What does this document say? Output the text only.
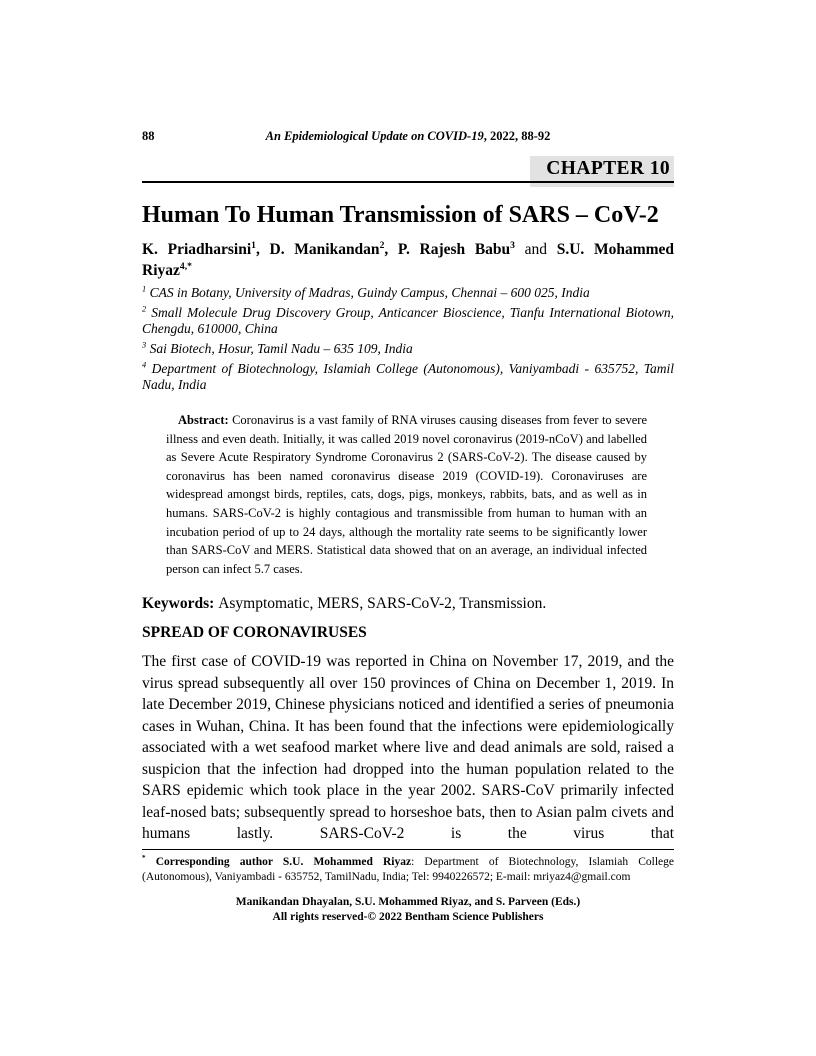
88	An Epidemiological Update on COVID-19, 2022, 88-92
CHAPTER 10
Human To Human Transmission of SARS – CoV-2
K. Priadharsini$^1$, D. Manikandan$^2$, P. Rajesh Babu$^3$ and S.U. Mohammed Riyaz$^{4,*}$
$^1$ CAS in Botany, University of Madras, Guindy Campus, Chennai – 600 025, India
$^2$ Small Molecule Drug Discovery Group, Anticancer Bioscience, Tianfu International Biotown, Chengdu, 610000, China
$^3$ Sai Biotech, Hosur, Tamil Nadu – 635 109, India
$^4$ Department of Biotechnology, Islamiah College (Autonomous), Vaniyambadi - 635752, Tamil Nadu, India
Abstract: Coronavirus is a vast family of RNA viruses causing diseases from fever to severe illness and even death. Initially, it was called 2019 novel coronavirus (2019-nCoV) and labelled as Severe Acute Respiratory Syndrome Coronavirus 2 (SARS-CoV-2). The disease caused by coronavirus has been named coronavirus disease 2019 (COVID-19). Coronaviruses are widespread amongst birds, reptiles, cats, dogs, pigs, monkeys, rabbits, bats, and as well as in humans. SARS-CoV-2 is highly contagious and transmissible from human to human with an incubation period of up to 24 days, although the mortality rate seems to be significantly lower than SARS-CoV and MERS. Statistical data showed that on an average, an individual infected person can infect 5.7 cases.
Keywords: Asymptomatic, MERS, SARS-CoV-2, Transmission.
SPREAD OF CORONAVIRUSES
The first case of COVID-19 was reported in China on November 17, 2019, and the virus spread subsequently all over 150 provinces of China on December 1, 2019. In late December 2019, Chinese physicians noticed and identified a series of pneumonia cases in Wuhan, China. It has been found that the infections were epidemiologically associated with a wet seafood market where live and dead animals are sold, raised a suspicion that the infection had dropped into the human population related to the SARS epidemic which took place in the year 2002. SARS-CoV primarily infected leaf-nosed bats; subsequently spread to horseshoe bats, then to Asian palm civets and humans lastly. SARS-CoV-2 is the virus that
* Corresponding author S.U. Mohammed Riyaz: Department of Biotechnology, Islamiah College (Autonomous), Vaniyambadi - 635752, TamilNadu, India; Tel: 9940226572; E-mail: mriyaz4@gmail.com
Manikandan Dhayalan, S.U. Mohammed Riyaz, and S. Parveen (Eds.)
All rights reserved-© 2022 Bentham Science Publishers
